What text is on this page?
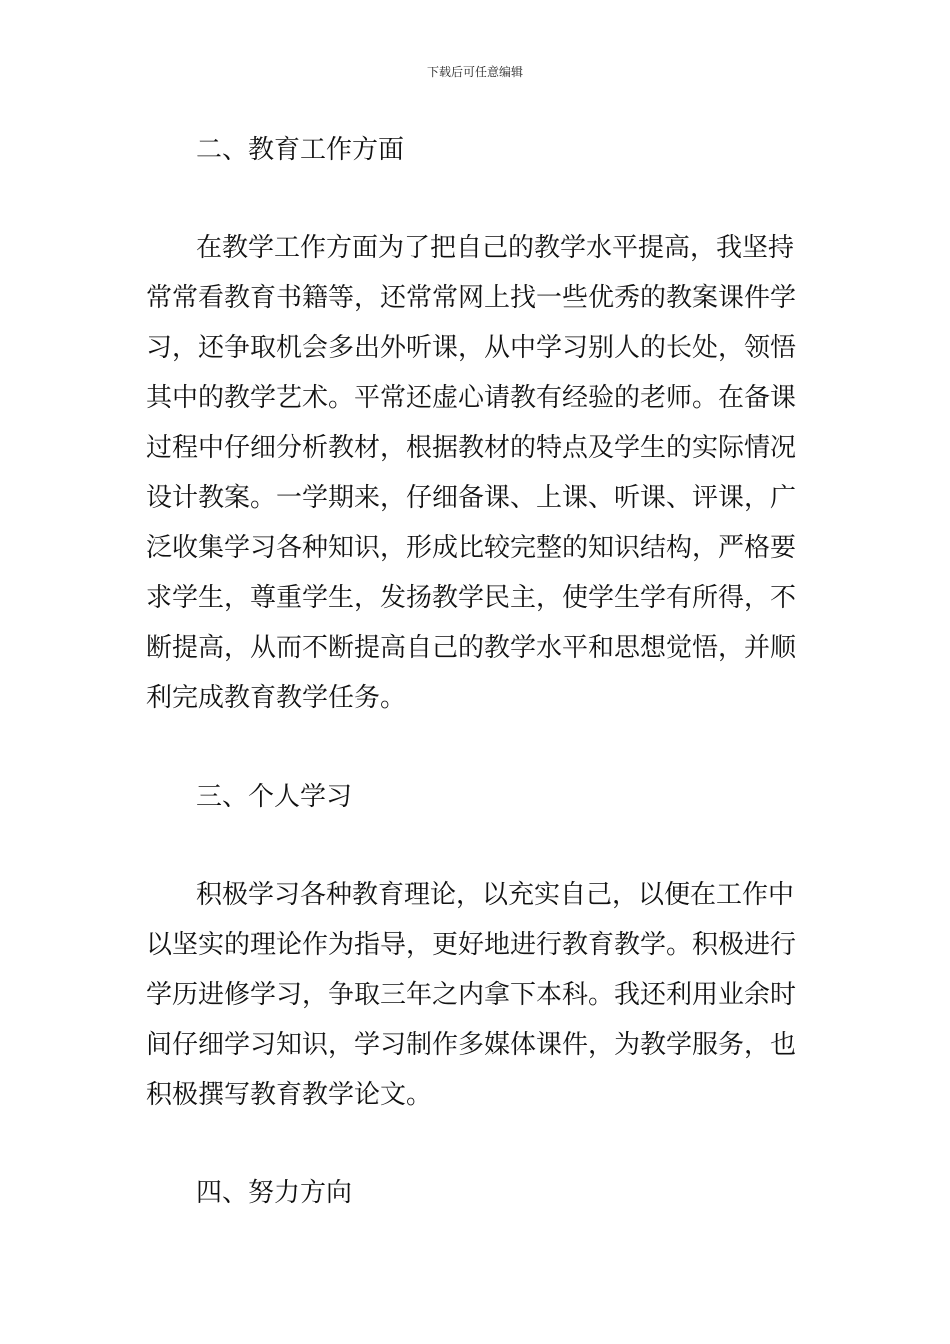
下载后可任意编辑
二、教育工作方面
在教学工作方面为了把自己的教学水平提高，我坚持
常常看教育书籍等，还常常网上找一些优秀的教案课件学
习，还争取机会多出外听课，从中学习别人的长处，领悟
其中的教学艺术。平常还虚心请教有经验的老师。在备课
过程中仔细分析教材，根据教材的特点及学生的实际情况
设计教案。一学期来，仔细备课、上课、听课、评课，广
泛收集学习各种知识，形成比较完整的知识结构，严格要
求学生，尊重学生，发扬教学民主，使学生学有所得，不
断提高，从而不断提高自己的教学水平和思想觉悟，并顺
利完成教育教学任务。
三、个人学习
积极学习各种教育理论，以充实自己，以便在工作中
以坚实的理论作为指导，更好地进行教育教学。积极进行
学历进修学习，争取三年之内拿下本科。我还利用业余时
间仔细学习知识，学习制作多媒体课件，为教学服务，也
积极撰写教育教学论文。
四、努力方向
